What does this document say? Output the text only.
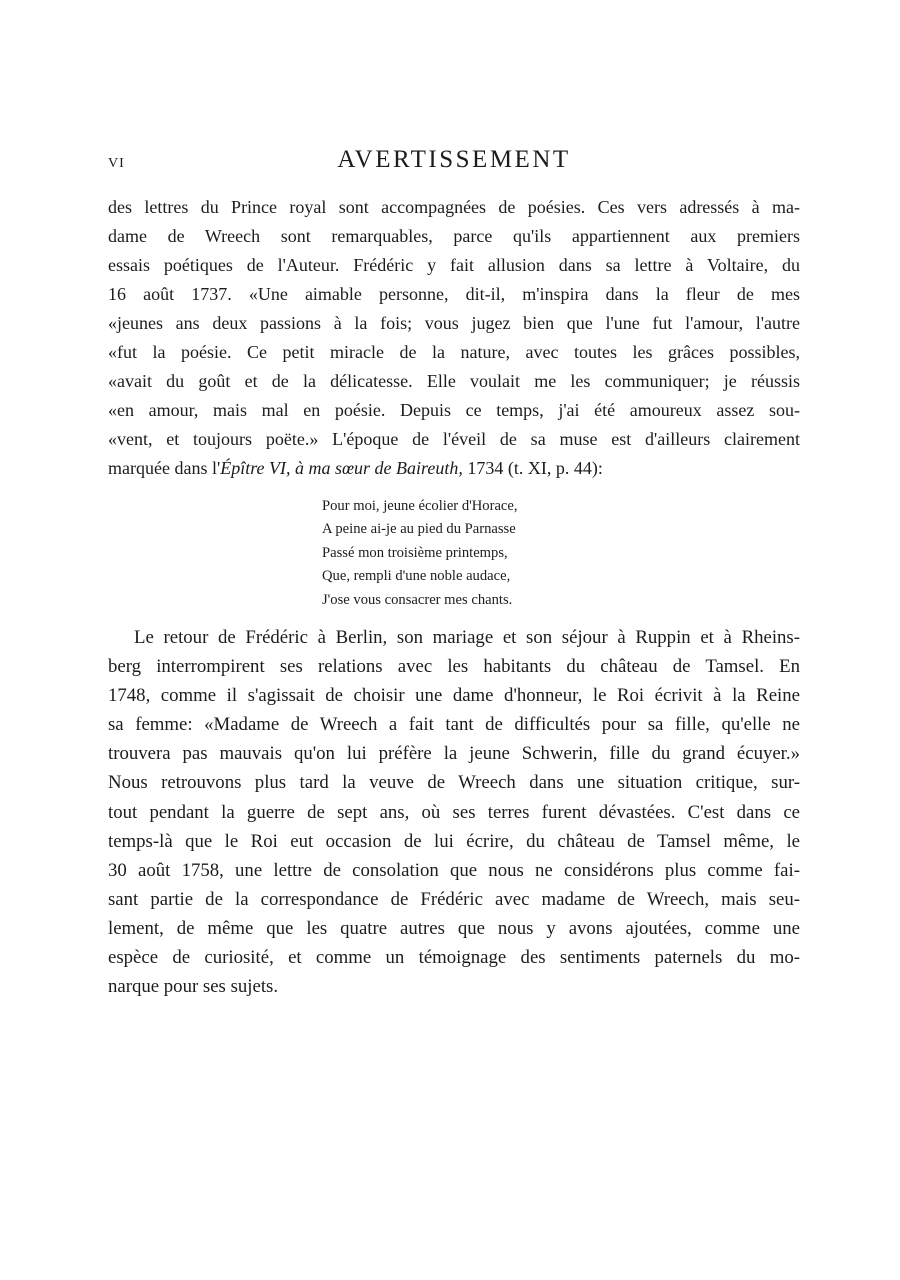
VI	AVERTISSEMENT
des lettres du Prince royal sont accompagnées de poésies. Ces vers adressés à ma-
dame de Wreech sont remarquables, parce qu'ils appartiennent aux premiers
essais poétiques de l'Auteur. Frédéric y fait allusion dans sa lettre à Voltaire, du
16 août 1737. «Une aimable personne, dit-il, m'inspira dans la fleur de mes
«jeunes ans deux passions à la fois; vous jugez bien que l'une fut l'amour, l'autre
«fut la poésie. Ce petit miracle de la nature, avec toutes les grâces possibles,
«avait du goût et de la délicatesse. Elle voulait me les communiquer; je réussis
«en amour, mais mal en poésie. Depuis ce temps, j'ai été amoureux assez sou-
«vent, et toujours poëte.» L'époque de l'éveil de sa muse est d'ailleurs clairement
marquée dans l'Épître VI, à ma sœur de Baireuth, 1734 (t. XI, p. 44):
Pour moi, jeune écolier d'Horace,
A peine ai-je au pied du Parnasse
Passé mon troisième printemps,
Que, rempli d'une noble audace,
J'ose vous consacrer mes chants.
Le retour de Frédéric à Berlin, son mariage et son séjour à Ruppin et à Rheins-
berg interrompirent ses relations avec les habitants du château de Tamsel. En
1748, comme il s'agissait de choisir une dame d'honneur, le Roi écrivit à la Reine
sa femme: «Madame de Wreech a fait tant de difficultés pour sa fille, qu'elle ne
trouvera pas mauvais qu'on lui préfère la jeune Schwerin, fille du grand écuyer.»
Nous retrouvons plus tard la veuve de Wreech dans une situation critique, sur-
tout pendant la guerre de sept ans, où ses terres furent dévastées. C'est dans ce
temps-là que le Roi eut occasion de lui écrire, du château de Tamsel même, le
30 août 1758, une lettre de consolation que nous ne considérons plus comme fai-
sant partie de la correspondance de Frédéric avec madame de Wreech, mais seu-
lement, de même que les quatre autres que nous y avons ajoutées, comme une
espèce de curiosité, et comme un témoignage des sentiments paternels du mo-
narque pour ses sujets.
